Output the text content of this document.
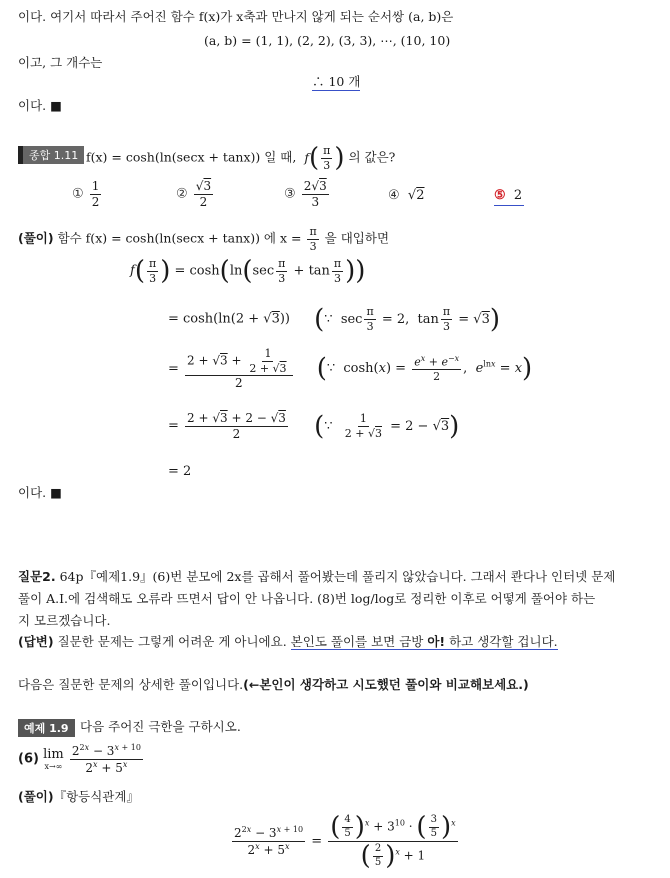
이다. 여기서 따라서 주어진 함수 f(x)가 x축과 만나지 않게 되는 순서쌍 (a, b)은
(a, b) = (1, 1), (2, 2), (3, 3), ⋯, (10, 10)
이고, 그 개수는
∴ 10 개
이다. ■
종합 1.11 f(x) = cosh(ln(secx + tanx)) 일 때, $f( \frac{\pi}{3}$ ) 의 값은?
① $\frac{1}{2}$	② $\frac{√3}{2}$	③ $\frac{2√3}{3}$	④  √2	⑤  2
(풀이) 함수 f(x) = cosh(ln(secx + tanx)) 에 $x = \frac{\pi}{3}$ 을 대입하면
$f( \frac{\pi}{3}$ ) = $\cosh(\ln(\sec \frac{\pi}{3} + \tan \frac{\pi}{3}$ ))
= cosh(ln(2 + √3)) (∵  $\sec \frac{\pi}{3} = 2$,  $\tan \frac{\pi}{3} = √3$)
= $\frac{2 + √3 + \frac{1}{2 + √3}}{2}$ (∵  $\cosh(x) = \frac{e^x + e^{-x}}{2}$ ,  $e^{lnx} = x$)
= $\frac{2 + √3 + 2 - √3}{2}$ (∵ $\frac{1}{2 + √3} = 2 - √3$)
= 2
이다. ■
질문2. 64p『예제1.9』(6)번 분모에 2x를 곱해서 풀어봤는데 풀리지 않았습니다. 그래서 콴다나 인터넷 문제
풀이 A.I.에 검색해도 오류라 뜨면서 답이 안 나옵니다. (8)번 log/log로 정리한 이후로 어떻게 풀어야 하는
지 모르겠습니다.
(답변) 질문한 문제는 그렇게 어려운 게 아니에요. 본인도 풀이를 보면 금방 아! 하고 생각할 겁니다.
다음은 질문한 문제의 상세한 풀이입니다.(←본인이 생각하고 시도했던 풀이와 비교해보세요.)
예제 1.9 다음 주어진 극한을 구하시오.
(6) lim
x→∞
$\frac{2^{2x} - 3^{x + 10}}{2^x + 5^x}$
(풀이)『항등식관계』
$\frac{2^{2x} - 3^{x + 10}}{2^x + 5^x} = \frac{( \frac{4}{5} )^x + 3^{10} \cdot ( \frac{3}{5} )^x}{( \frac{2}{5} )^x + 1}$
